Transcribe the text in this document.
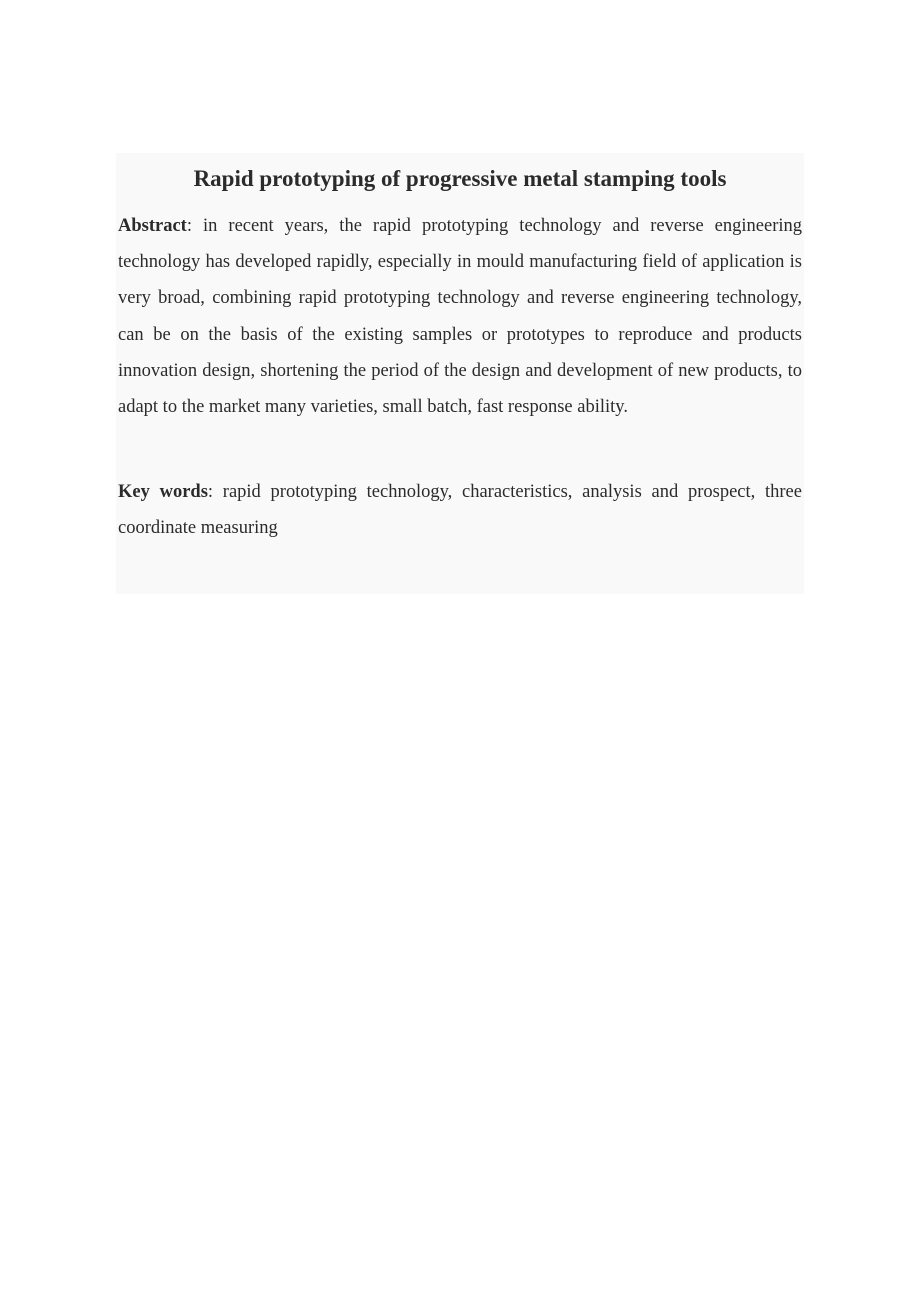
Rapid prototyping of progressive metal stamping tools

Abstract: in recent years, the rapid prototyping technology and reverse engineering technology has developed rapidly, especially in mould manufacturing field of application is very broad, combining rapid prototyping technology and reverse engineering technology, can be on the basis of the existing samples or prototypes to reproduce and products innovation design, shortening the period of the design and development of new products, to adapt to the market many varieties, small batch, fast response ability.

Key words: rapid prototyping technology, characteristics, analysis and prospect, three coordinate measuring
